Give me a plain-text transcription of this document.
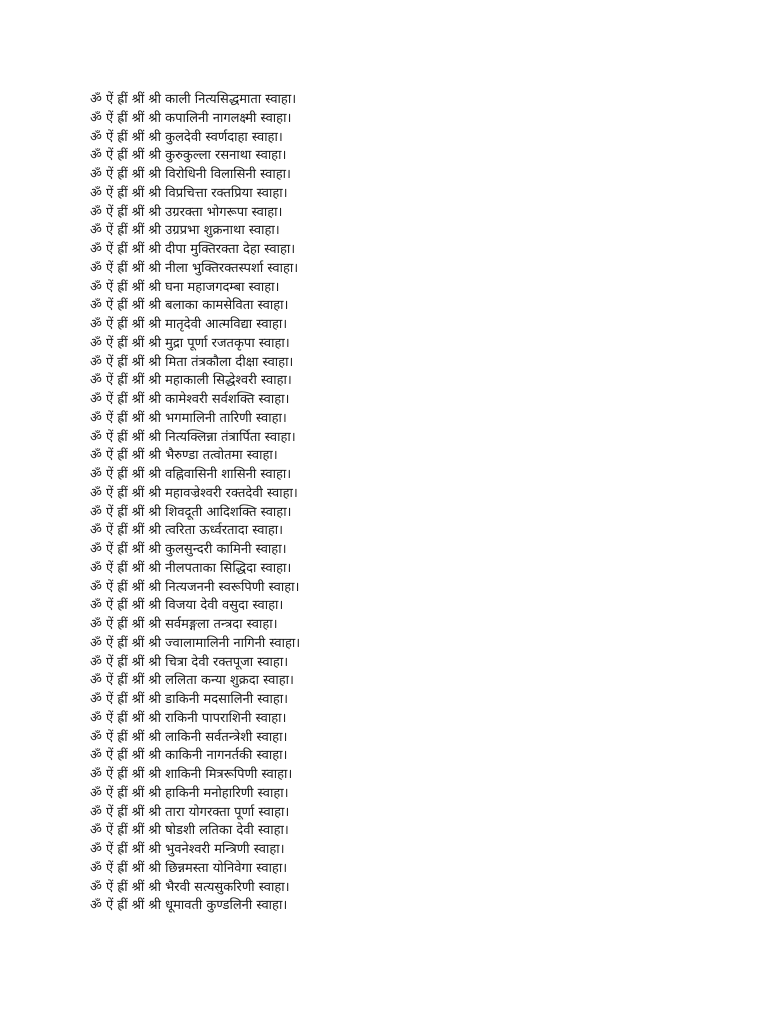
ॐ ऐं ह्रीं श्रीं श्री काली नित्यसिद्धमाता स्वाहा।
ॐ ऐं ह्रीं श्रीं श्री कपालिनी नागलक्ष्मी स्वाहा।
ॐ ऐं ह्रीं श्रीं श्री कुलदेवी स्वर्णदाहा स्वाहा।
ॐ ऐं ह्रीं श्रीं श्री कुरुकुल्ला रसनाथा स्वाहा।
ॐ ऐं ह्रीं श्रीं श्री विरोधिनी विलासिनी स्वाहा।
ॐ ऐं ह्रीं श्रीं श्री विप्रचित्ता रक्तप्रिया स्वाहा।
ॐ ऐं ह्रीं श्रीं श्री उग्ररक्ता भोगरूपा स्वाहा।
ॐ ऐं ह्रीं श्रीं श्री उग्रप्रभा शुक्रनाथा स्वाहा।
ॐ ऐं ह्रीं श्रीं श्री दीपा मुक्तिरक्ता देहा स्वाहा।
ॐ ऐं ह्रीं श्रीं श्री नीला भुक्तिरक्तस्पर्शा स्वाहा।
ॐ ऐं ह्रीं श्रीं श्री घना महाजगदम्बा स्वाहा।
ॐ ऐं ह्रीं श्रीं श्री बलाका कामसेविता स्वाहा।
ॐ ऐं ह्रीं श्रीं श्री मातृदेवी आत्मविद्या स्वाहा।
ॐ ऐं ह्रीं श्रीं श्री मुद्रा पूर्णा रजतकृपा स्वाहा।
ॐ ऐं ह्रीं श्रीं श्री मिता तंत्रकौला दीक्षा स्वाहा।
ॐ ऐं ह्रीं श्रीं श्री महाकाली सिद्धेश्वरी स्वाहा।
ॐ ऐं ह्रीं श्रीं श्री कामेश्वरी सर्वशक्ति स्वाहा।
ॐ ऐं ह्रीं श्रीं श्री भगमालिनी तारिणी स्वाहा।
ॐ ऐं ह्रीं श्रीं श्री नित्यक्लिन्ना तंत्रार्पिता स्वाहा।
ॐ ऐं ह्रीं श्रीं श्री भैरुण्डा तत्वोतमा स्वाहा।
ॐ ऐं ह्रीं श्रीं श्री वह्निवासिनी शासिनी स्वाहा।
ॐ ऐं ह्रीं श्रीं श्री महावज्रेश्वरी रक्तदेवी स्वाहा।
ॐ ऐं ह्रीं श्रीं श्री शिवदूती आदिशक्ति स्वाहा।
ॐ ऐं ह्रीं श्रीं श्री त्वरिता ऊर्ध्वरतादा स्वाहा।
ॐ ऐं ह्रीं श्रीं श्री कुलसुन्दरी कामिनी स्वाहा।
ॐ ऐं ह्रीं श्रीं श्री नीलपताका सिद्धिदा स्वाहा।
ॐ ऐं ह्रीं श्रीं श्री नित्यजननी स्वरूपिणी स्वाहा।
ॐ ऐं ह्रीं श्रीं श्री विजया देवी वसुदा स्वाहा।
ॐ ऐं ह्रीं श्रीं श्री सर्वमङ्गला तन्त्रदा स्वाहा।
ॐ ऐं ह्रीं श्रीं श्री ज्वालामालिनी नागिनी स्वाहा।
ॐ ऐं ह्रीं श्रीं श्री चित्रा देवी रक्तपूजा स्वाहा।
ॐ ऐं ह्रीं श्रीं श्री ललिता कन्या शुक्रदा स्वाहा।
ॐ ऐं ह्रीं श्रीं श्री डाकिनी मदसालिनी स्वाहा।
ॐ ऐं ह्रीं श्रीं श्री राकिनी पापराशिनी स्वाहा।
ॐ ऐं ह्रीं श्रीं श्री लाकिनी सर्वतन्त्रेशी स्वाहा।
ॐ ऐं ह्रीं श्रीं श्री काकिनी नागनर्तकी स्वाहा।
ॐ ऐं ह्रीं श्रीं श्री शाकिनी मित्ररूपिणी स्वाहा।
ॐ ऐं ह्रीं श्रीं श्री हाकिनी मनोहारिणी स्वाहा।
ॐ ऐं ह्रीं श्रीं श्री तारा योगरक्ता पूर्णा स्वाहा।
ॐ ऐं ह्रीं श्रीं श्री षोडशी लतिका देवी स्वाहा।
ॐ ऐं ह्रीं श्रीं श्री भुवनेश्वरी मन्त्रिणी स्वाहा।
ॐ ऐं ह्रीं श्रीं श्री छिन्नमस्ता योनिवेगा स्वाहा।
ॐ ऐं ह्रीं श्रीं श्री भैरवी सत्यसुकरिणी स्वाहा।
ॐ ऐं ह्रीं श्रीं श्री धूमावती कुण्डलिनी स्वाहा।
